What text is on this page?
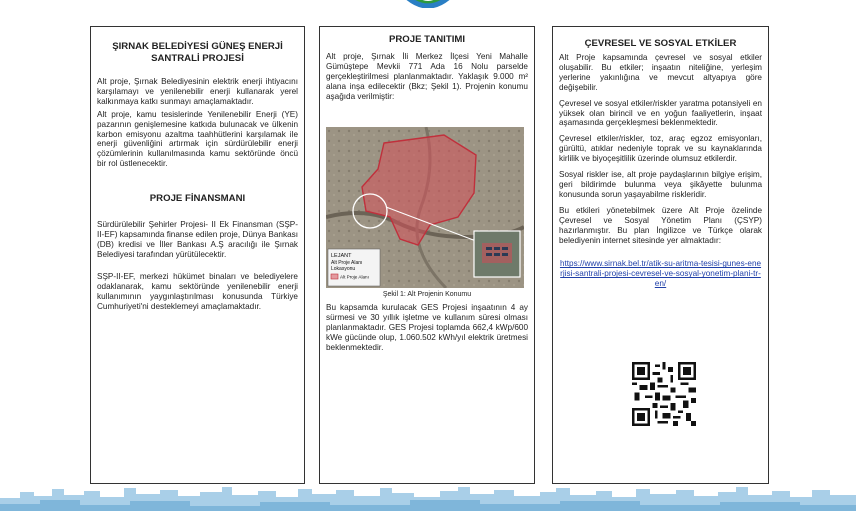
ŞIRNAK BELEDİYESİ GÜNEŞ ENERJİ SANTRALİ PROJESİ

Alt proje, Şırnak Belediyesinin elektrik enerji ihtiyacını karşılamayı ve yenilenebilir enerji kullanarak yerel kalkınmaya katkı sunmayı amaçlamaktadır.

Alt proje, kamu tesislerinde Yenilenebilir Enerji (YE) pazarının genişlemesine katkıda bulunacak ve ülkenin karbon emisyonu azaltma taahhütlerini karşılamak ile enerji güvenliğini artırmak için sürdürülebilir enerji çözümlerinin kullanılmasında kamu sektöründe öncü bir rol üstlenecektir.

PROJE FİNANSMANI

Sürdürülebilir Şehirler Projesi- II Ek Finansman (SŞP-II-EF) kapsamında finanse edilen proje, Dünya Bankası (DB) kredisi ve İller Bankası A.Ş aracılığı ile Şırnak Belediyesi tarafından yürütülecektir.

SŞP-II-EF, merkezi hükümet binaları ve belediyelere odaklanarak, kamu sektöründe yenilenebilir enerji kullanımının yaygınlaştırılması konusunda Türkiye Cumhuriyeti'ni desteklemeyi amaçlamaktadır.

PROJE TANITIMI

Alt proje, Şırnak İli Merkez İlçesi Yeni Mahalle Gümüştepe Mevkii 771 Ada 16 Nolu parselde gerçekleştirilmesi planlanmaktadır. Yaklaşık 9.000 m² alana inşa edilecektir (Bkz; Şekil 1). Projenin konumu aşağıda verilmiştir:

LEJANT
Alt Proje Alanı
Lokasyonu
Alt Proje Alanı
Şekil 1: Alt Projenin Konumu

Bu kapsamda kurulacak GES Projesi inşaatının 4 ay sürmesi ve 30 yıllık işletme ve kullanım süresi olması planlanmaktadır. GES Projesi toplamda 662,4 kWp/600 kWe gücünde olup, 1.060.502 kWh/yıl elektrik üretmesi beklenmektedir.

ÇEVRESEL VE SOSYAL ETKİLER

Alt Proje kapsamında çevresel ve sosyal etkiler oluşabilir. Bu etkiler; inşaatın niteliğine, yerleşim yerlerine yakınlığına ve mevcut altyapıya göre değişebilir.

Çevresel ve sosyal etkiler/riskler yaratma potansiyeli en yüksek olan birincil ve en yoğun faaliyetlerin, inşaat aşamasında gerçekleşmesi beklenmektedir.

Çevresel etkiler/riskler, toz, araç egzoz emisyonları, gürültü, atıklar nedeniyle toprak ve su kaynaklarında kirlilik ve biyoçeşitlilik üzerinde olumsuz etkilerdir.

Sosyal riskler ise, alt proje paydaşlarının bilgiye erişim, geri bildirimde bulunma veya şikâyette bulunma konusunda sorun yaşayabilme riskleridir.

Bu etkileri yönetebilmek üzere Alt Proje özelinde Çevresel ve Sosyal Yönetim Planı (ÇSYP) hazırlanmıştır. Bu plan İngilizce ve Türkçe olarak belediyenin internet sitesinde yer almaktadır:

https://www.sirnak.bel.tr/atik-su-aritma-tesisi-gunes-enerjisi-santrali-projesi-cevresel-ve-sosyal-yonetim-plani-tr-en/
